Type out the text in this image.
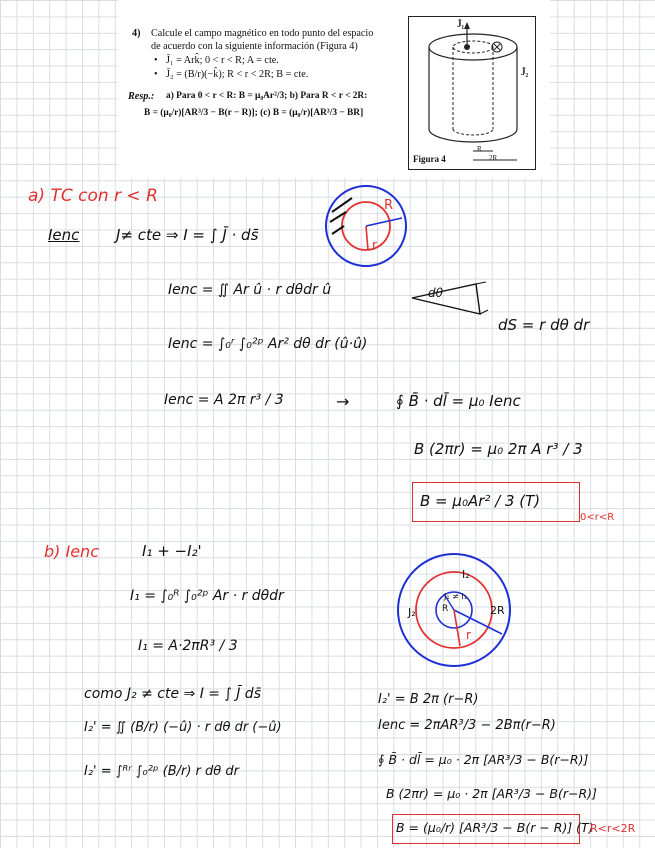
4) Calcule el campo magnético en todo punto del espacio
de acuerdo con la siguiente información (Figura 4)
• J̄₁ = Ark̂; 0 < r < R; A = cte.
• J̄₂ = (B/r)(−k̂); R < r < 2R; B = cte.
Resp.: a) Para 0 < r < R: B = μ₀Ar²/3; b) Para R < r < 2R:
B = (μ₀/r)[AR³/3 − B(r − R)]; (c) B = (μ₀/r)[AR³/3 − BR]
J̄₁
J̄₂
R
2R
Figura 4
a) TC con r < R
Ienc J≠ cte ⇒ I = ∫ J̄ · ds̄
R
r
Ienc = ∬ Ar û · r dθdr û	dθ
dS = r dθ dr
Ienc = ∫₀ʳ ∫₀²ᵖ Ar² dθ dr (û·û)
Ienc = A 2π r³ / 3	→	∮ B̄ · dl̄ = μ₀ Ienc
B (2πr) = μ₀ 2π A r³ / 3
B = μ₀Ar² / 3 (T)
0<r<R
b) Ienc	I₁ + −I₂'
I₁ = ∫₀ᴿ ∫₀²ᵖ Ar · r dθdr
I₁ = A·2πR³ / 3
I₂
J₂
J₁ ≠ I₁
R	2R
r
como J₂ ≠ cte ⇒ I = ∫ J̄ ds̄
I₂' = ∬ (B/r) (−û) · r dθ dr (−û)
I₂' = ∫ᴿʳ ∫₀²ᵖ (B/r) r dθ dr
I₂' = B 2π (r−R)
Ienc = 2πAR³/3 − 2Bπ(r−R)
∮ B̄ · dl̄ = μ₀ · 2π [AR³/3 − B(r−R)]
B (2πr) = μ₀ · 2π [AR³/3 − B(r−R)]
B = (μ₀/r) [AR³/3 − B(r − R)] (T)
R<r<2R
